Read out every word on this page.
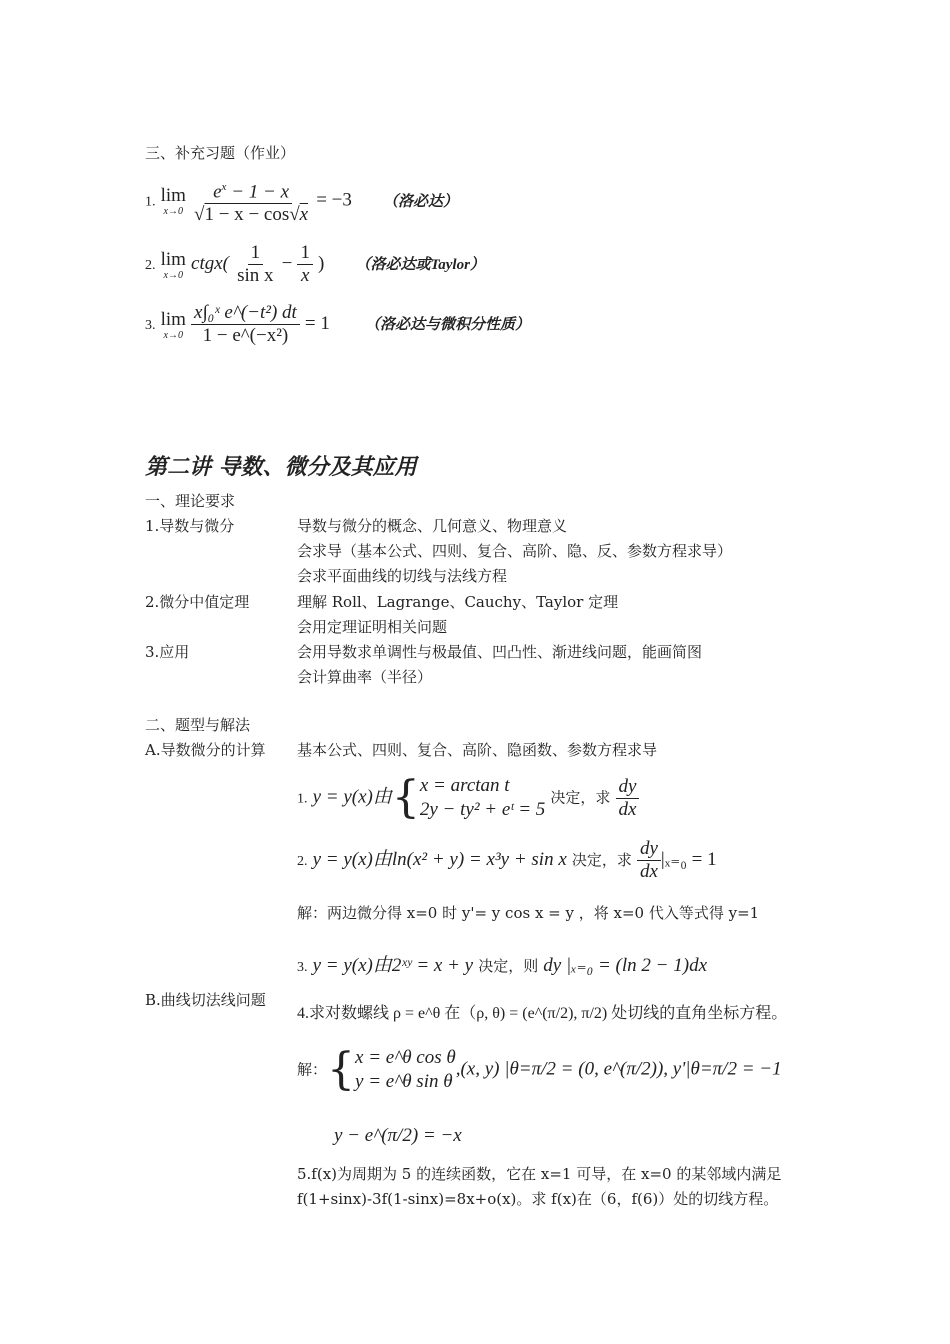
三、补充习题（作业）
1. lim
x→0
$\frac{e^x - 1 - x}{√1 - x - \cos√x} = -3$ （洛必达）
2. lim
x→0
ctgx( $\frac{1}{\text{sin x}} - \frac{1}{x}$ ) （洛必达或Taylor）
3. lim
x→0
$\frac{\text{x∫₀ˣ e\textasciicircum{}(−t²) dt}}{\text{1 − e\textasciicircum{}(−x²)}} = 1$ （洛必达与微积分性质）
第二讲 导数、微分及其应用
一、理论要求
1.导数与微分	导数与微分的概念、几何意义、物理意义
会求导（基本公式、四则、复合、高阶、隐、反、参数方程求导）
会求平面曲线的切线与法线方程
2.微分中值定理	理解 Roll、Lagrange、Cauchy、Taylor 定理
会用定理证明相关问题
3.应用	会用导数求单调性与极最值、凹凸性、渐进线问题，能画简图
会计算曲率（半径）
二、题型与解法
A.导数微分的计算 基本公式、四则、复合、高阶、隐函数、参数方程求导
1. y = y(x)由{ x = arctan t
2y − ty² + eᵗ = 5
决定，求 $\frac{dy}{dx}$
2. y = y(x)由ln(x² + y) = x³y + sin x 决定，求 $\frac{dy}{dx} |_{x=0} = 1$
解：两边微分得 x=0 时 y'= y cos x = y ，将 x=0 代入等式得 y=1
3. y = y(x)由2ˣʸ = x + y 决定，则 dy |ₓ₌₀ = (ln 2 − 1)dx
B.曲线切法线问题
4.求对数螺线 ρ = e^θ 在（ρ, θ) = (e^(π/2), π/2) 处切线的直角坐标方程。
解：{ x = e^θ cos θ
y = e^θ sin θ
,(x, y) |θ=π/2 = (0, e^(π/2)), y'|θ=π/2 = −1
y − e^(π/2) = −x
5.f(x)为周期为 5 的连续函数，它在 x=1 可导，在 x=0 的某邻域内满足
f(1+sinx)-3f(1-sinx)=8x+o(x)。求 f(x)在（6，f(6)）处的切线方程。
